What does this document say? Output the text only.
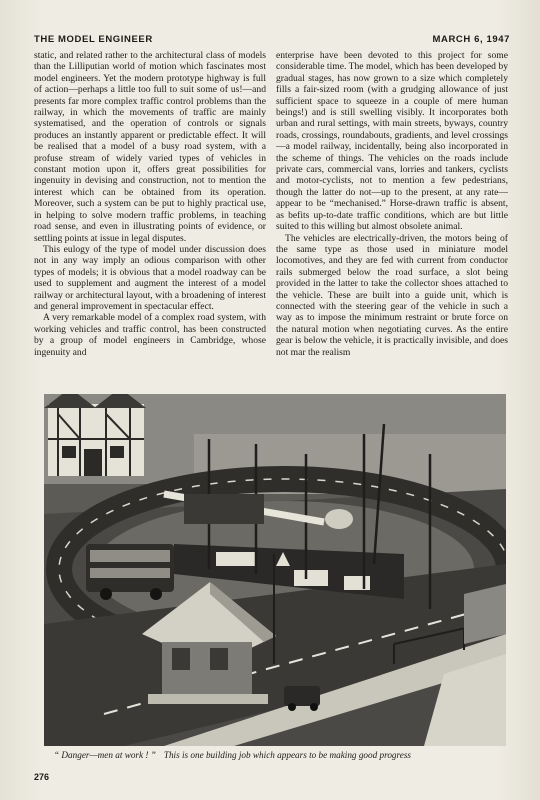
THE MODEL ENGINEER	MARCH 6, 1947

static, and related rather to the architectural class of models than the Lilliputian world of motion which fascinates most model engineers. Yet the modern prototype highway is full of action—perhaps a little too full to suit some of us!—and presents far more complex traffic control problems than the railway, in which the movements of traffic are mainly systematised, and the operation of controls or signals produces an instantly apparent or predictable effect. It will be realised that a model of a busy road system, with a profuse stream of widely varied types of vehicles in constant motion upon it, offers great possibilities for ingenuity in devising and construction, not to mention the interest which can be obtained from its operation. Moreover, such a system can be put to highly practical use, in helping to solve modern traffic problems, in teaching road sense, and even in illustrating points of evidence, or settling points at issue in legal disputes.

This eulogy of the type of model under discussion does not in any way imply an odious comparison with other types of models; it is obvious that a model roadway can be used to supplement and augment the interest of a model railway or architectural layout, with a broadening of interest and general improvement in spectacular effect.

A very remarkable model of a complex road system, with working vehicles and traffic control, has been constructed by a group of model engineers in Cambridge, whose ingenuity and

enterprise have been devoted to this project for some considerable time. The model, which has been developed by gradual stages, has now grown to a size which completely fills a fair-sized room (with a grudging allowance of just sufficient space to squeeze in a couple of mere human beings!) and is still swelling visibly. It incorporates both urban and rural settings, with main streets, byways, country roads, crossings, roundabouts, gradients, and level crossings—a model railway, incidentally, being also incorporated in the scheme of things. The vehicles on the roads include private cars, commercial vans, lorries and tankers, cyclists and motor-cyclists, not to mention a few pedestrians, though the latter do not—up to the present, at any rate—appear to be “mechanised.” Horse-drawn traffic is absent, as befits up-to-date traffic conditions, which are but little suited to this willing but almost obsolete animal.

The vehicles are electrically-driven, the motors being of the same type as those used in miniature model locomotives, and they are fed with current from conductor rails submerged below the road surface, a slot being provided in the latter to take the collector shoes attached to the vehicle. These are built into a guide unit, which is connected with the steering gear of the vehicle in such a way as to impose the minimum restraint or brute force on the natural motion when negotiating curves. As the entire gear is below the vehicle, it is practically invisible, and does not mar the realism

“ Danger—men at work ! ” This is one building job which appears to be making good progress
276
